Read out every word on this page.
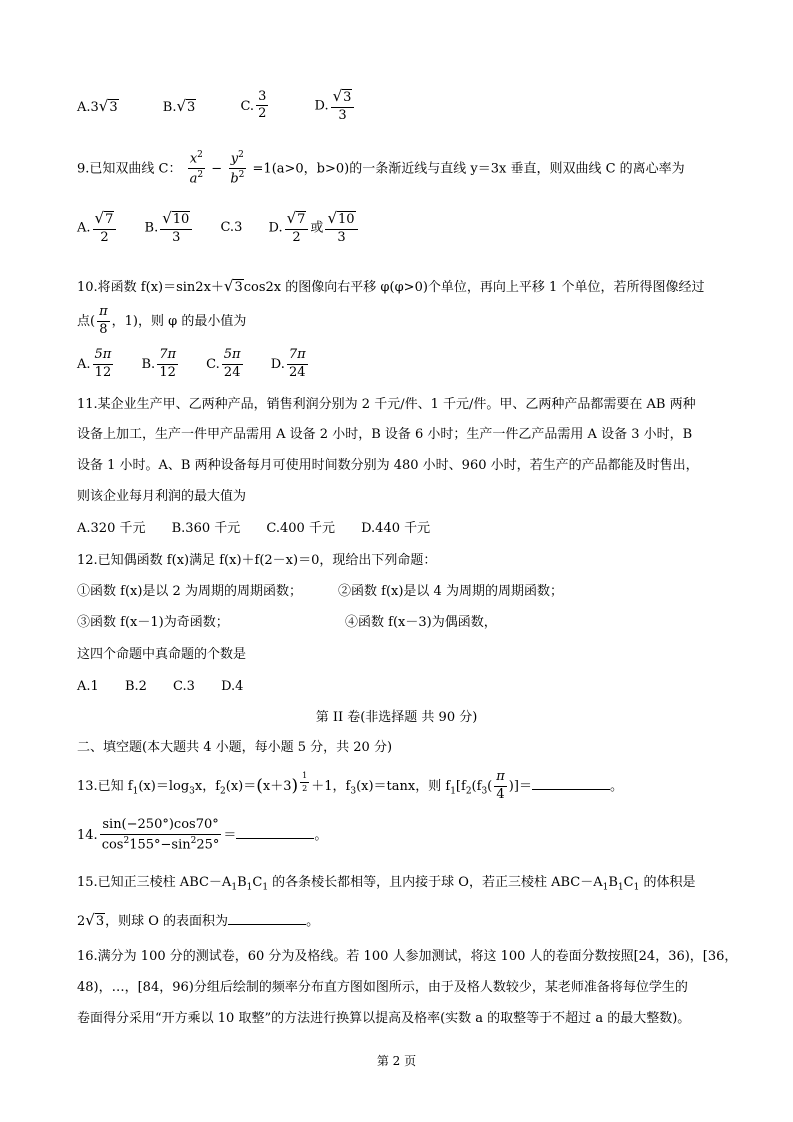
A.3√3	B.√3	C. $\frac{3}{2}$	D. $\frac{√3}{3}$
9.已知双曲线 C： $\frac{x^2}{a^2} - \frac{y^2}{b^2} =1(a>0$，b>0)的一条渐近线与直线 y＝3x 垂直，则双曲线 C 的离心率为
A. $\frac{√7}{2} B$. $\frac{√10}{3} C.3$ D. $\frac{√7}{2}$ 或 $\frac{√10}{3}$
10.将函数 f(x)＝sin2x＋√3cos2x 的图像向右平移 φ(φ>0)个单位，再向上平移 1 个单位，若所得图像经过
点( $\frac{\pi}{8}$ ，1)，则 φ 的最小值为
A. $\frac{5\pi}{12} B$. $\frac{7\pi}{12} C$. $\frac{5\pi}{24} D$. $\frac{7\pi}{24}$
11.某企业生产甲、乙两种产品，销售利润分别为 2 千元/件、1 千元/件。甲、乙两种产品都需要在 AB 两种
设备上加工，生产一件甲产品需用 A 设备 2 小时，B 设备 6 小时；生产一件乙产品需用 A 设备 3 小时，B
设备 1 小时。A、B 两种设备每月可使用时间数分别为 480 小时、960 小时，若生产的产品都能及时售出，
则该企业每月利润的最大值为
A.320 千元 B.360 千元 C.400 千元 D.440 千元
12.已知偶函数 f(x)满足 f(x)＋f(2－x)＝0，现给出下列命题：
①函数 f(x)是以 2 为周期的周期函数；	②函数 f(x)是以 4 为周期的周期函数；
③函数 f(x－1)为奇函数；	④函数 f(x－3)为偶函数，
这四个命题中真命题的个数是
A.1 B.2 C.3 D.4
第 II 卷(非选择题 共 90 分)
二、填空题(本大题共 4 小题，每小题 5 分，共 20 分)
13.已知 $f_1(x)=\log_3x$，$f_2(x)=(x+3)$ $^{\frac{1}{2}}$ ＋1，$f_3(x)=\tan x$，则 $f_1[f_2(f_3( \frac{\pi}{4}$ )]＝	。
14. $\frac{\sin(-250^\circ)\cos 70^\circ}{\cos^2155^\circ-\sin^225^\circ}$ ＝	。
15.已知正三棱柱 $ABC-A_1B_1C_1$ 的各条棱长都相等，且内接于球 O，若正三棱柱 $ABC-A_1B_1C_1$ 的体积是
2√3，则球 O 的表面积为	。
16.满分为 100 分的测试卷，60 分为及格线。若 100 人参加测试，将这 100 人的卷面分数按照[24，36)，[36，
48)，…，[84，96)分组后绘制的频率分布直方图如图所示，由于及格人数较少，某老师准备将每位学生的
卷面得分采用“开方乘以 10 取整”的方法进行换算以提高及格率(实数 a 的取整等于不超过 a 的最大整数)。
第 2 页
